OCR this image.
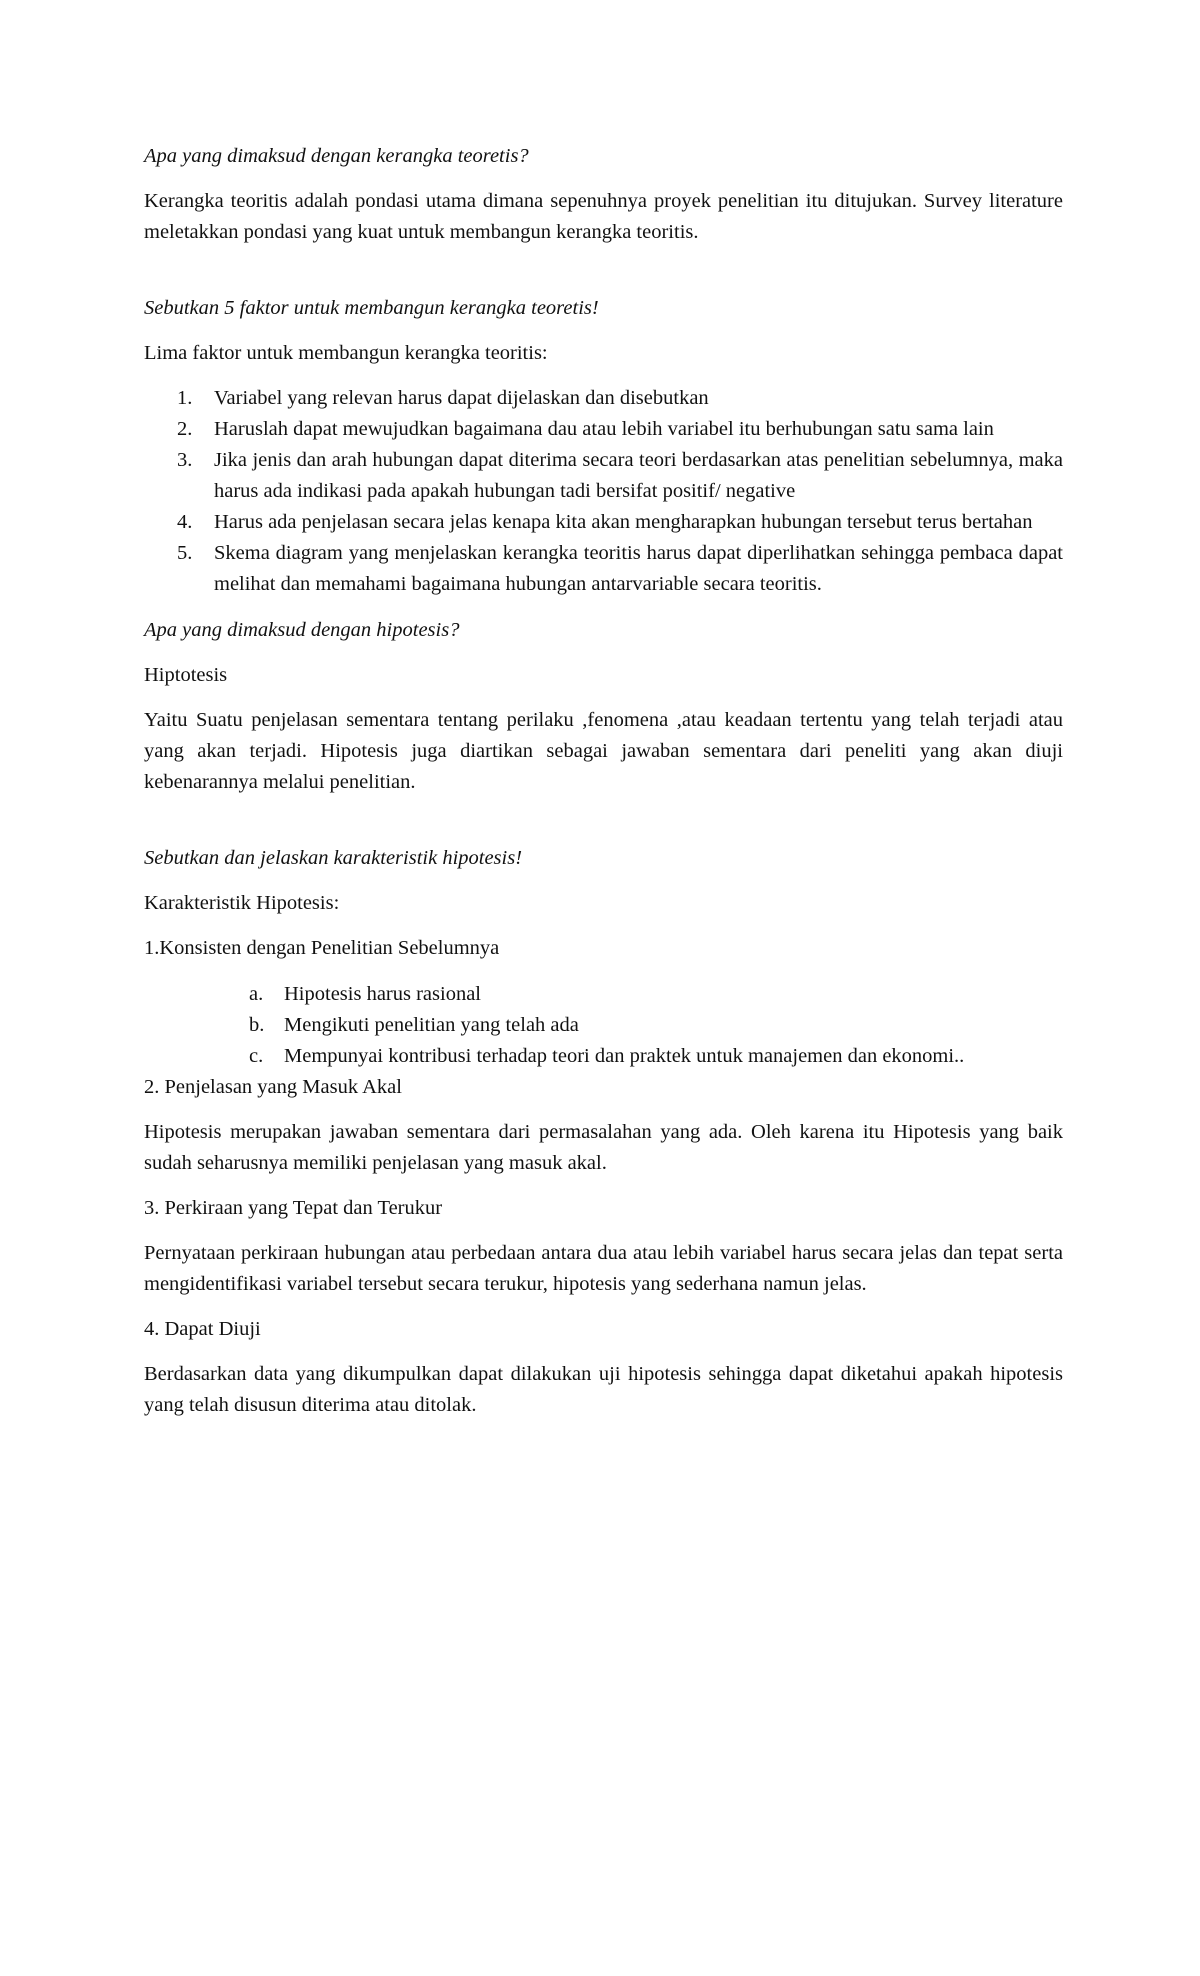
Apa yang dimaksud dengan kerangka teoretis?

Kerangka teoritis adalah pondasi utama dimana sepenuhnya proyek penelitian itu ditujukan. Survey literature meletakkan pondasi yang kuat untuk membangun kerangka teoritis.

Sebutkan 5 faktor untuk membangun kerangka teoretis!

Lima faktor untuk membangun kerangka teoritis:

1. Variabel yang relevan harus dapat dijelaskan dan disebutkan
2. Haruslah dapat mewujudkan bagaimana dau atau lebih variabel itu berhubungan satu sama lain
3. Jika jenis dan arah hubungan dapat diterima secara teori berdasarkan atas penelitian sebelumnya, maka harus ada indikasi pada apakah hubungan tadi bersifat positif/ negative
4. Harus ada penjelasan secara jelas kenapa kita akan mengharapkan hubungan tersebut terus bertahan
5. Skema diagram yang menjelaskan kerangka teoritis harus dapat diperlihatkan sehingga pembaca dapat melihat dan memahami bagaimana hubungan antarvariable secara teoritis.

Apa yang dimaksud dengan hipotesis?

Hiptotesis

Yaitu Suatu penjelasan sementara tentang perilaku ,fenomena ,atau keadaan tertentu yang telah terjadi atau yang akan terjadi. Hipotesis juga diartikan sebagai jawaban sementara dari peneliti yang akan diuji kebenarannya melalui penelitian.

Sebutkan dan jelaskan karakteristik hipotesis!

Karakteristik Hipotesis:

1.Konsisten dengan Penelitian Sebelumnya

a. Hipotesis harus rasional
b. Mengikuti penelitian yang telah ada
c. Mempunyai kontribusi terhadap teori dan praktek untuk manajemen dan ekonomi..

2. Penjelasan yang Masuk Akal

Hipotesis merupakan jawaban sementara dari permasalahan yang ada. Oleh karena itu Hipotesis yang baik sudah seharusnya memiliki penjelasan yang masuk akal.

3. Perkiraan yang Tepat dan Terukur

Pernyataan perkiraan hubungan atau perbedaan antara dua atau lebih variabel harus secara jelas dan tepat serta mengidentifikasi variabel tersebut secara terukur, hipotesis yang sederhana namun jelas.

4. Dapat Diuji

Berdasarkan data yang dikumpulkan dapat dilakukan uji hipotesis sehingga dapat diketahui apakah hipotesis yang telah disusun diterima atau ditolak.
